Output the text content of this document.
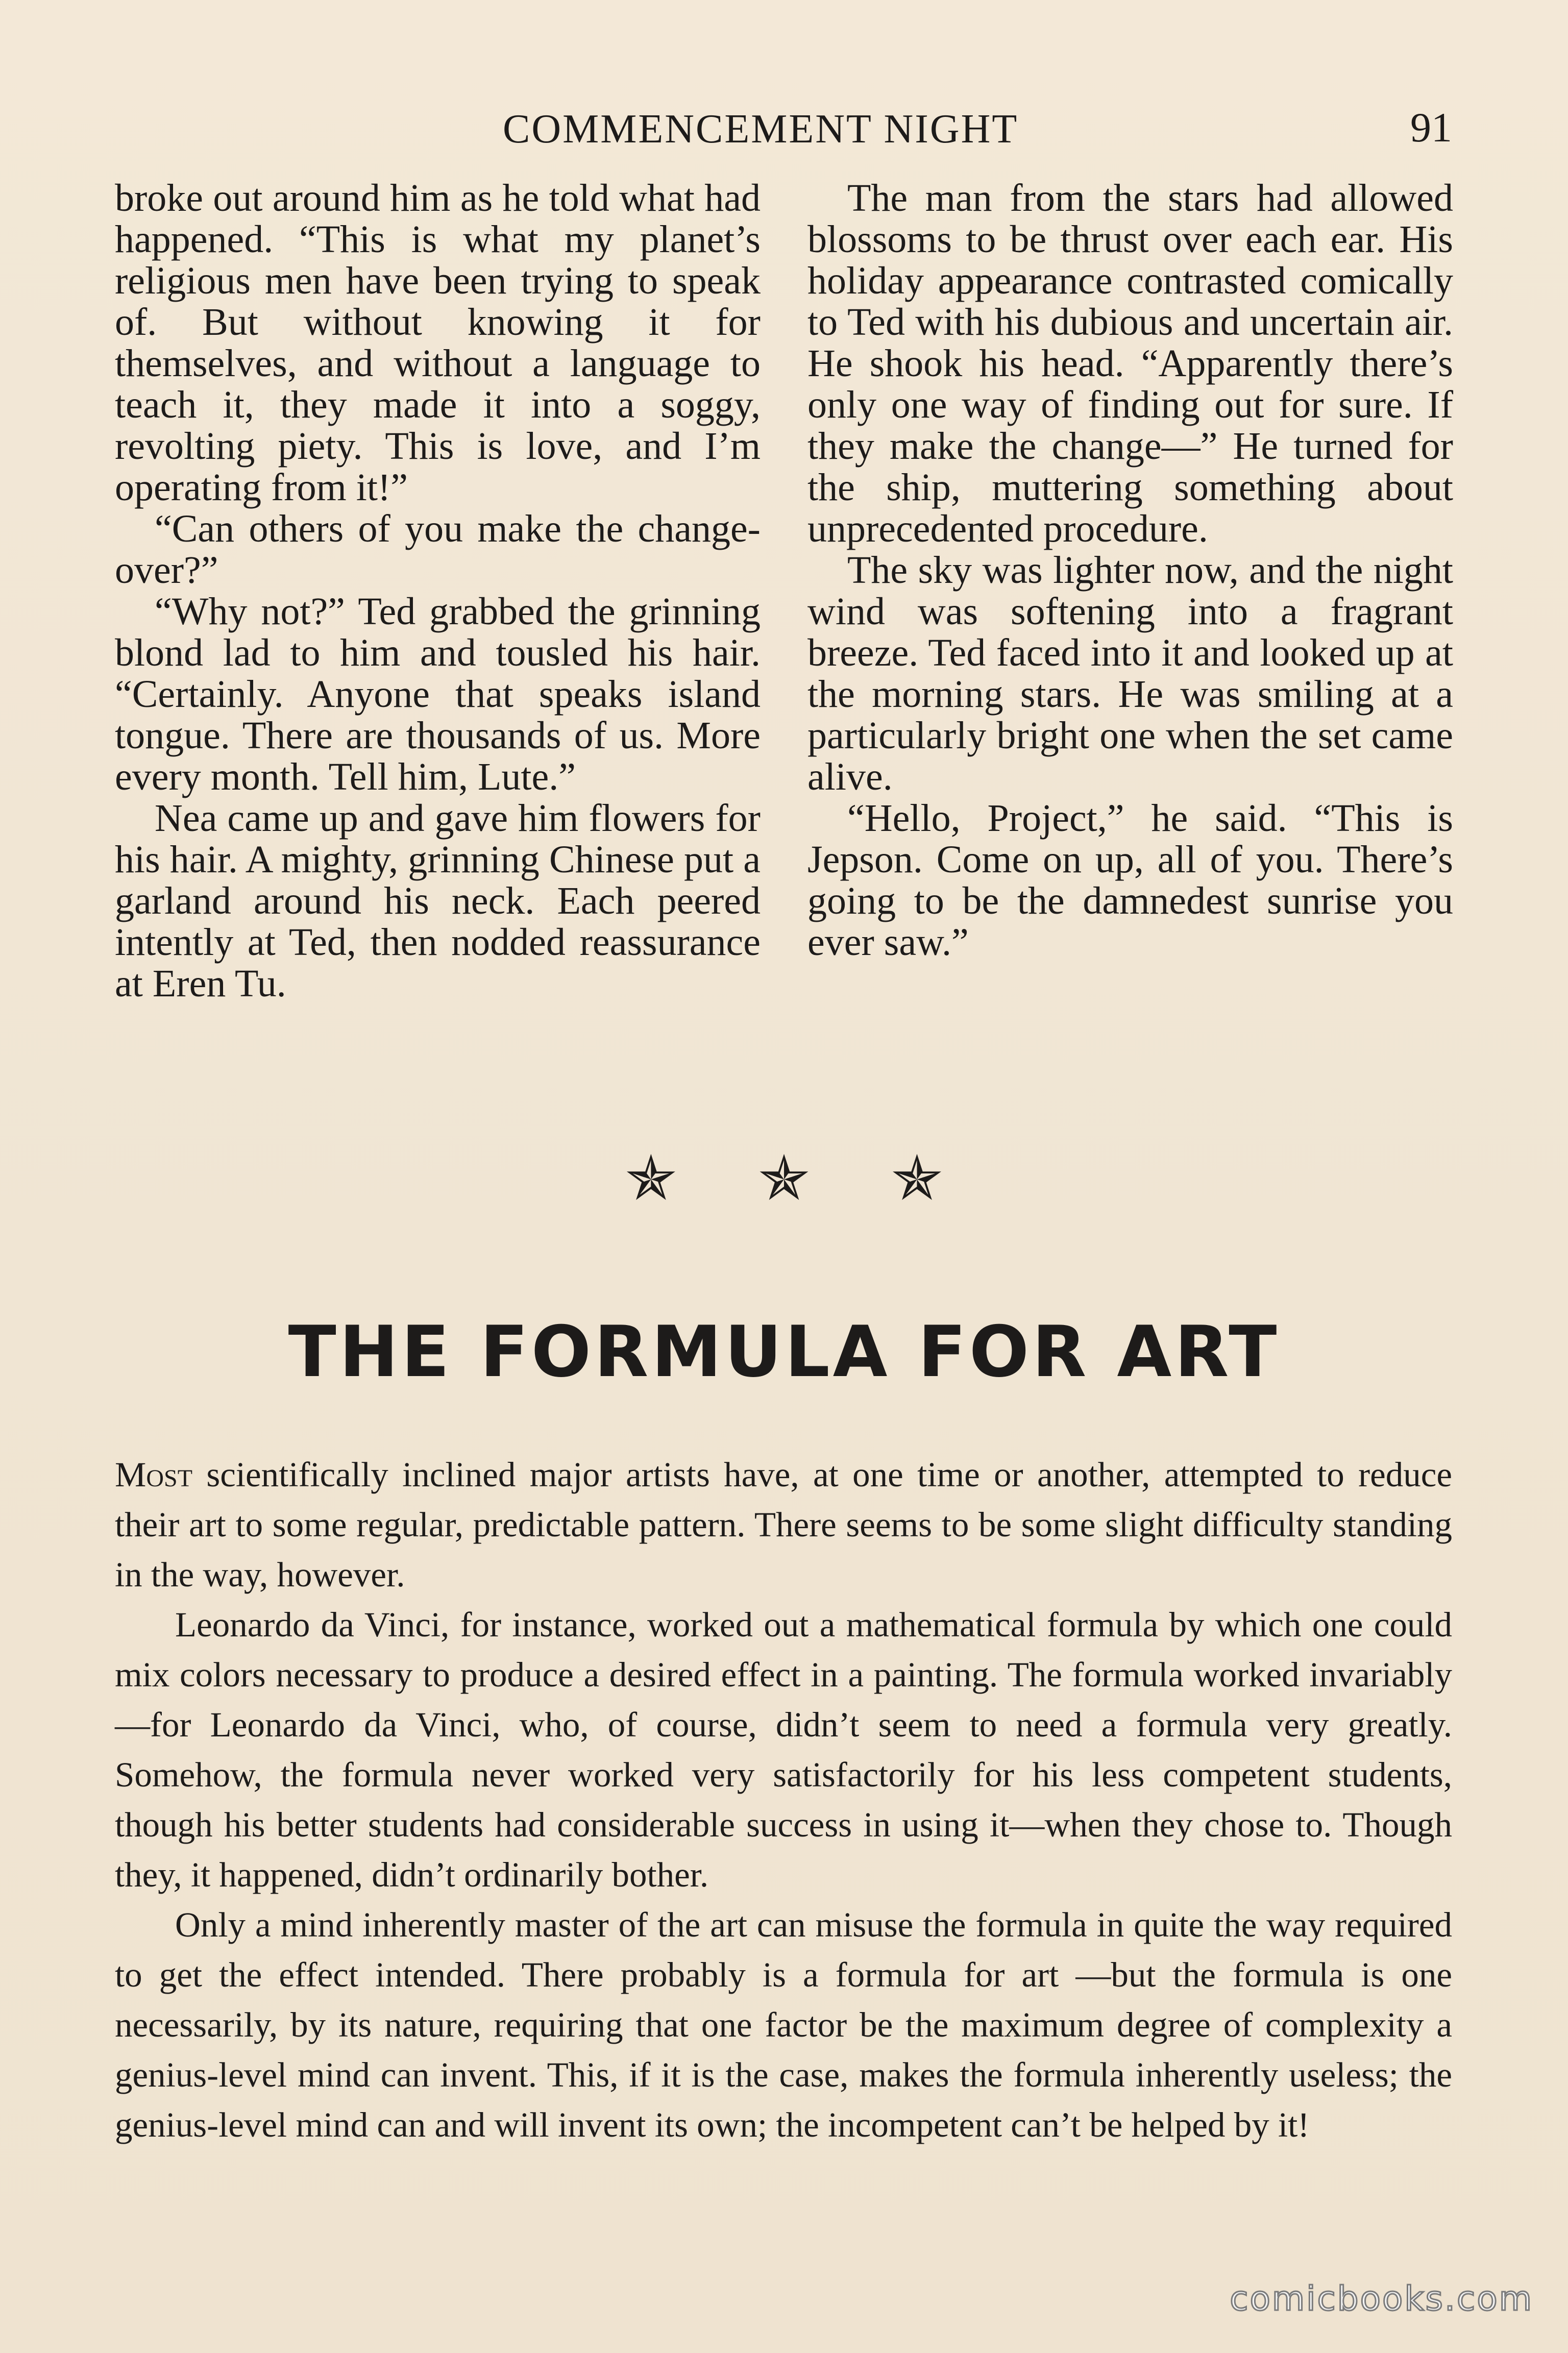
COMMENCEMENT NIGHT	91

broke out around him as he told what had happened. “This is what my planet’s religious men have been trying to speak of. But without knowing it for themselves, and without a language to teach it, they made it into a soggy, revolting piety. This is love, and I’m operating from it!”

“Can others of you make the change-over?”

“Why not?” Ted grabbed the grinning blond lad to him and tousled his hair. “Certainly. Anyone that speaks island tongue. There are thousands of us. More every month. Tell him, Lute.”

Nea came up and gave him flowers for his hair. A mighty, grinning Chinese put a garland around his neck. Each peered intently at Ted, then nodded reassurance at Eren Tu.

The man from the stars had allowed blossoms to be thrust over each ear. His holiday appearance contrasted comically to Ted with his dubious and uncertain air. He shook his head. “Apparently there’s only one way of finding out for sure. If they make the change—” He turned for the ship, muttering something about unprecedented procedure.

The sky was lighter now, and the night wind was softening into a fragrant breeze. Ted faced into it and looked up at the morning stars. He was smiling at a particularly bright one when the set came alive.

“Hello, Project,” he said. “This is Jepson. Come on up, all of you. There’s going to be the damnedest sunrise you ever saw.”

✯ ✯ ✯
THE FORMULA FOR ART

Most scientifically inclined major artists have, at one time or another, attempted to reduce their art to some regular, predictable pattern. There seems to be some slight difficulty standing in the way, however.

Leonardo da Vinci, for instance, worked out a mathematical formula by which one could mix colors necessary to produce a desired effect in a painting. The formula worked invariably—for Leonardo da Vinci, who, of course, didn’t seem to need a formula very greatly. Somehow, the formula never worked very satisfactorily for his less competent students, though his better students had considerable success in using it—when they chose to. Though they, it happened, didn’t ordinarily bother.

Only a mind inherently master of the art can misuse the formula in quite the way required to get the effect intended. There probably is a formula for art —but the formula is one necessarily, by its nature, requiring that one factor be the maximum degree of complexity a genius-level mind can invent. This, if it is the case, makes the formula inherently useless; the genius-level mind can and will invent its own; the incompetent can’t be helped by it!

comicbooks.com
